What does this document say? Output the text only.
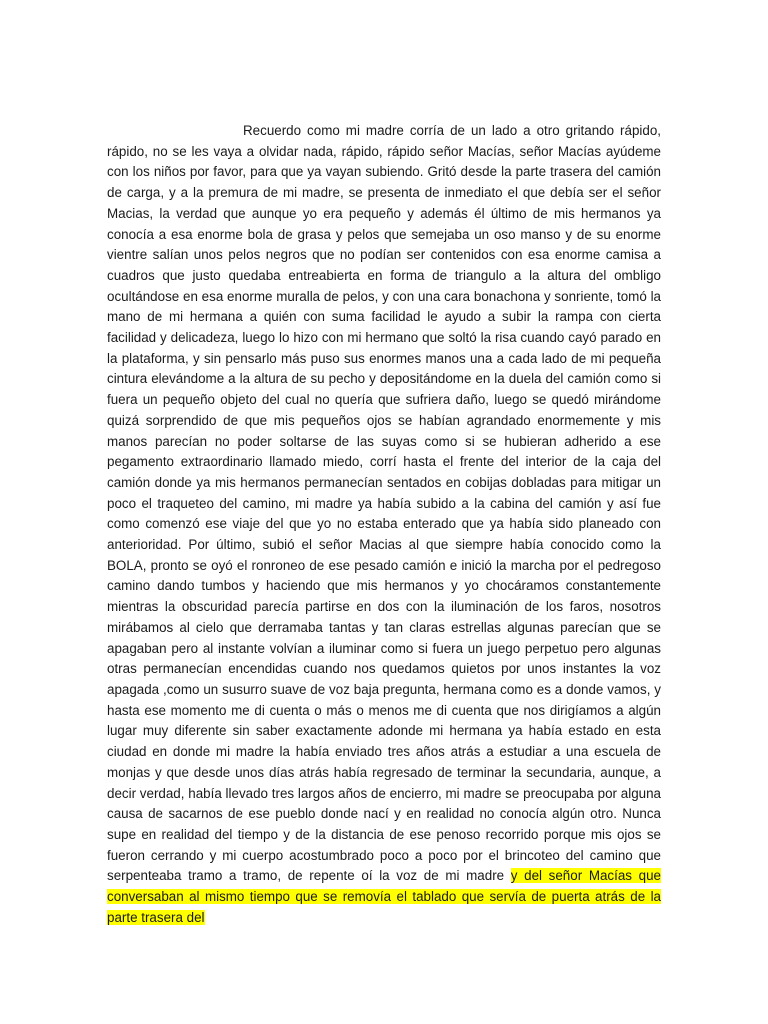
Recuerdo como mi madre corría de un lado a otro gritando rápido, rápido, no se les vaya a olvidar nada, rápido, rápido señor Macías, señor Macías ayúdeme con los niños por favor, para que ya vayan subiendo. Gritó desde la parte trasera del camión de carga, y a la premura de mi madre, se presenta de inmediato el que debía ser el señor Macias, la verdad que aunque yo era pequeño y además él último de mis hermanos ya conocía a esa enorme bola de grasa y pelos que semejaba un oso manso y de su enorme vientre salían unos pelos negros que no podían ser contenidos con esa enorme camisa a cuadros que justo quedaba entreabierta en forma de triangulo a la altura del ombligo ocultándose en esa enorme muralla de pelos, y con una cara bonachona y sonriente, tomó la mano de mi hermana a quién con suma facilidad le ayudo a subir la rampa con cierta facilidad y delicadeza, luego lo hizo con mi hermano que soltó la risa cuando cayó parado en la plataforma, y sin pensarlo más puso sus enormes manos una a cada lado de mi pequeña cintura elevándome a la altura de su pecho y depositándome en la duela del camión como si fuera un pequeño objeto del cual no quería que sufriera daño, luego se quedó mirándome quizá sorprendido de que mis pequeños ojos se habían agrandado enormemente y mis manos parecían no poder soltarse de las suyas como si se hubieran adherido a ese pegamento extraordinario llamado miedo, corrí hasta el frente del interior de la caja del camión donde ya mis hermanos permanecían sentados en cobijas dobladas para mitigar un poco el traqueteo del camino, mi madre ya había subido a la cabina del camión y así fue como comenzó ese viaje del que yo no estaba enterado que ya había sido planeado con anterioridad. Por último, subió el señor Macias al que siempre había conocido como la BOLA, pronto se oyó el ronroneo de ese pesado camión e inició la marcha por el pedregoso camino dando tumbos y haciendo que mis hermanos y yo chocáramos constantemente mientras la obscuridad parecía partirse en dos con la iluminación de los faros, nosotros mirábamos al cielo que derramaba tantas y tan claras estrellas algunas parecían que se apagaban pero al instante volvían a iluminar como si fuera un juego perpetuo pero algunas otras permanecían encendidas cuando nos quedamos quietos por unos instantes la voz apagada ,como un susurro suave de voz baja pregunta, hermana como es a donde vamos, y hasta ese momento me di cuenta o más o menos me di cuenta que nos dirigíamos a algún lugar muy diferente sin saber exactamente adonde mi hermana ya había estado en esta ciudad en donde mi madre la había enviado tres años atrás a estudiar a una escuela de monjas y que desde unos días atrás había regresado de terminar la secundaria, aunque, a decir verdad, había llevado tres largos años de encierro, mi madre se preocupaba por alguna causa de sacarnos de ese pueblo donde nací y en realidad no conocía algún otro. Nunca supe en realidad del tiempo y de la distancia de ese penoso recorrido porque mis ojos se fueron cerrando y mi cuerpo acostumbrado poco a poco por el brincoteo del camino que serpenteaba tramo a tramo, de repente oí la voz de mi madre y del señor Macías que conversaban al mismo tiempo que se removía el tablado que servía de puerta atrás de la parte trasera del
